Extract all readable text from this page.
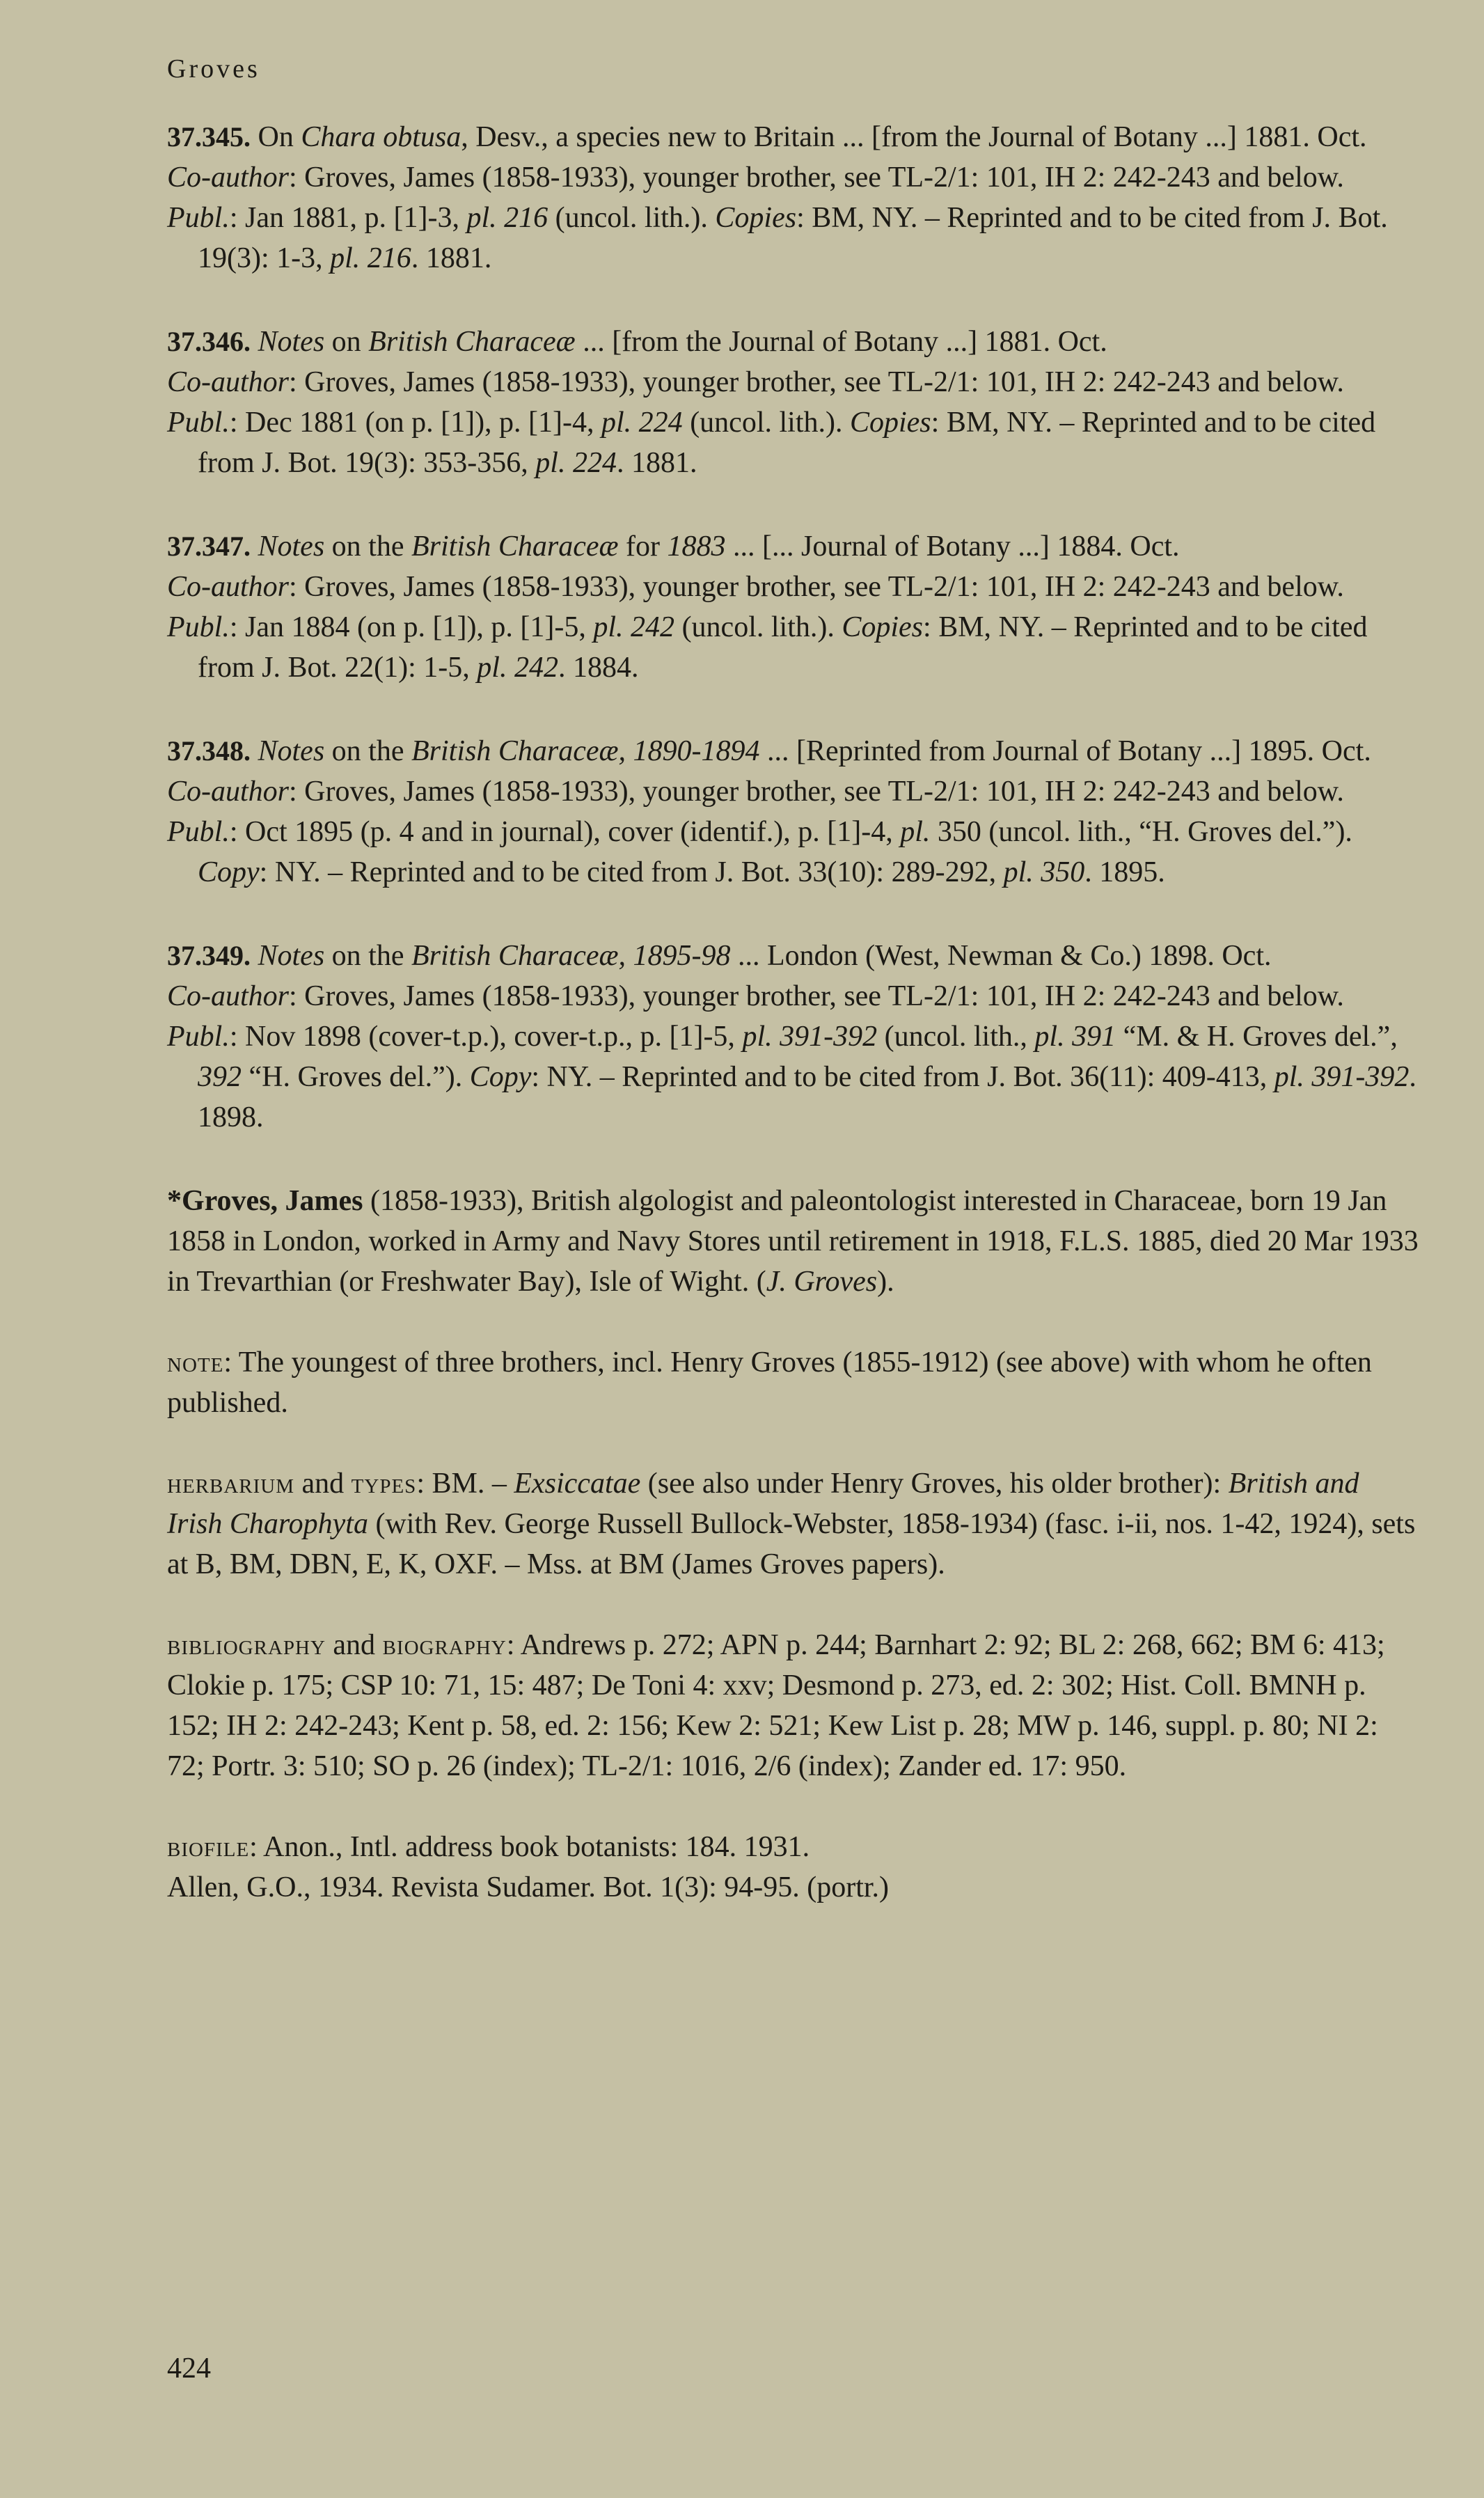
Groves

37.345. On Chara obtusa, Desv., a species new to Britain ... [from the Journal of Botany ...] 1881. Oct.

Co-author: Groves, James (1858-1933), younger brother, see TL-2/1: 101, IH 2: 242-243 and below.

Publ.: Jan 1881, p. [1]-3, pl. 216 (uncol. lith.). Copies: BM, NY. – Reprinted and to be cited from J. Bot. 19(3): 1-3, pl. 216. 1881.

37.346. Notes on British Characeæ ... [from the Journal of Botany ...] 1881. Oct.

Co-author: Groves, James (1858-1933), younger brother, see TL-2/1: 101, IH 2: 242-243 and below.

Publ.: Dec 1881 (on p. [1]), p. [1]-4, pl. 224 (uncol. lith.). Copies: BM, NY. – Reprinted and to be cited from J. Bot. 19(3): 353-356, pl. 224. 1881.

37.347. Notes on the British Characeæ for 1883 ... [... Journal of Botany ...] 1884. Oct.

Co-author: Groves, James (1858-1933), younger brother, see TL-2/1: 101, IH 2: 242-243 and below.

Publ.: Jan 1884 (on p. [1]), p. [1]-5, pl. 242 (uncol. lith.). Copies: BM, NY. – Reprinted and to be cited from J. Bot. 22(1): 1-5, pl. 242. 1884.

37.348. Notes on the British Characeæ, 1890-1894 ... [Reprinted from Journal of Botany ...] 1895. Oct.

Co-author: Groves, James (1858-1933), younger brother, see TL-2/1: 101, IH 2: 242-243 and below.

Publ.: Oct 1895 (p. 4 and in journal), cover (identif.), p. [1]-4, pl. 350 (uncol. lith., “H. Groves del.”). Copy: NY. – Reprinted and to be cited from J. Bot. 33(10): 289-292, pl. 350. 1895.

37.349. Notes on the British Characeæ, 1895-98 ... London (West, Newman & Co.) 1898. Oct.

Co-author: Groves, James (1858-1933), younger brother, see TL-2/1: 101, IH 2: 242-243 and below.

Publ.: Nov 1898 (cover-t.p.), cover-t.p., p. [1]-5, pl. 391-392 (uncol. lith., pl. 391 “M. & H. Groves del.”, 392 “H. Groves del.”). Copy: NY. – Reprinted and to be cited from J. Bot. 36(11): 409-413, pl. 391-392. 1898.

*Groves, James (1858-1933), British algologist and paleontologist interested in Characeae, born 19 Jan 1858 in London, worked in Army and Navy Stores until retirement in 1918, F.L.S. 1885, died 20 Mar 1933 in Trevarthian (or Freshwater Bay), Isle of Wight. (J. Groves).

note: The youngest of three brothers, incl. Henry Groves (1855-1912) (see above) with whom he often published.

herbarium and types: BM. – Exsiccatae (see also under Henry Groves, his older brother): British and Irish Charophyta (with Rev. George Russell Bullock-Webster, 1858-1934) (fasc. i-ii, nos. 1-42, 1924), sets at B, BM, DBN, E, K, OXF. – Mss. at BM (James Groves papers).

bibliography and biography: Andrews p. 272; APN p. 244; Barnhart 2: 92; BL 2: 268, 662; BM 6: 413; Clokie p. 175; CSP 10: 71, 15: 487; De Toni 4: xxv; Desmond p. 273, ed. 2: 302; Hist. Coll. BMNH p. 152; IH 2: 242-243; Kent p. 58, ed. 2: 156; Kew 2: 521; Kew List p. 28; MW p. 146, suppl. p. 80; NI 2: 72; Portr. 3: 510; SO p. 26 (index); TL-2/1: 1016, 2/6 (index); Zander ed. 17: 950.

biofile: Anon., Intl. address book botanists: 184. 1931.
Allen, G.O., 1934. Revista Sudamer. Bot. 1(3): 94-95. (portr.)

424
